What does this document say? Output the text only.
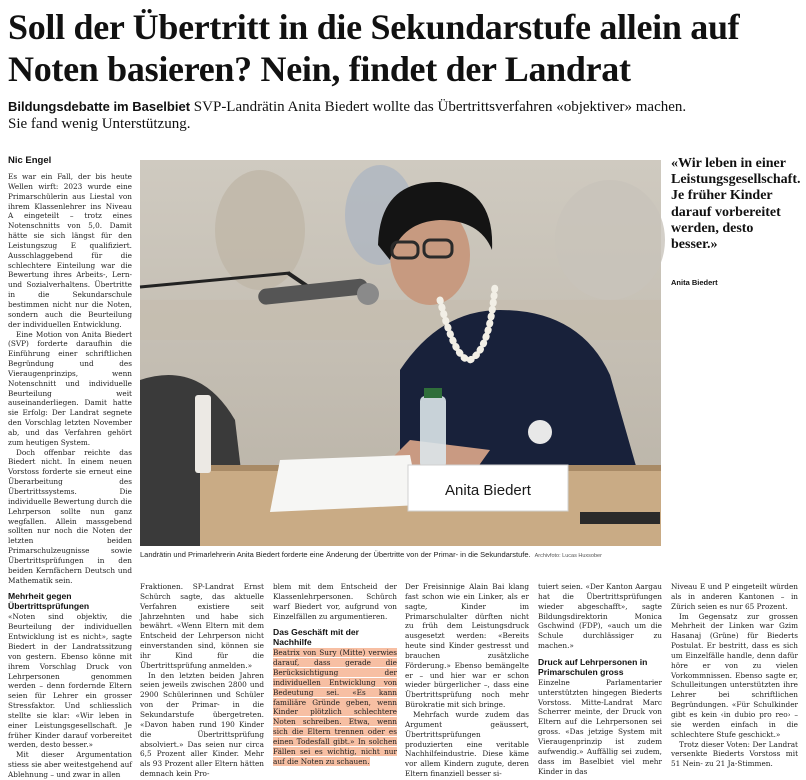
Soll der Übertritt in die Sekundarstufe allein auf Noten basieren? Nein, findet der Landrat
Bildungsdebatte im Baselbiet SVP-Landrätin Anita Biedert wollte das Übertrittsverfahren «objektiver» machen. Sie fand wenig Unterstützung.
Nic Engel

Es war ein Fall, der bis heute Wellen wirft: 2023 wurde eine Primarschülerin aus Liestal von ihrem Klassenlehrer ins Niveau A eingeteilt – trotz eines Notenschnitts von 5,0. Damit hätte sie sich längst für den Leistungszug E qualifiziert. Ausschlaggebend für die schlechtere Einteilung war die Bewertung ihres Arbeits-, Lern- und Sozialverhaltens. Übertritte in die Sekundarschule bestimmen nicht nur die Noten, sondern auch die Beurteilung der individuellen Entwicklung.

Eine Motion von Anita Biedert (SVP) forderte daraufhin die Einführung einer schriftlichen Begründung und des Vieraugenprinzips, wenn Notenschnitt und individuelle Beurteilung weit auseinanderliegen. Damit hatte sie Erfolg: Der Landrat segnete den Vorschlag letzten November ab, und das Verfahren gehört zum heutigen System.

Doch offenbar reichte das Biedert nicht. In einem neuen Vorstoss forderte sie erneut eine Überarbeitung des Übertrittssystems. Die individuelle Bewertung durch die Lehrperson sollte nun ganz wegfallen. Allein massgebend sollten nur noch die Noten der letzten beiden Primarschulzeugnisse sowie Übertrittsprüfungen in den beiden Kernfächern Deutsch und Mathematik sein.

Mehrheit gegen Übertrittsprüfungen

«Noten sind objektiv, die Beurteilung der individuellen Entwicklung ist es nicht», sagte Biedert in der Landratssitzung von gestern. Ebenso könne mit ihrem Vorschlag Druck von Lehrpersonen genommen werden – denn fordernde Eltern seien für Lehrer ein grosser Stressfaktor. Und schliesslich stellte sie klar: «Wir leben in einer Leistungsgesellschaft. Je früher Kinder darauf vorbereitet werden, desto besser.»

Mit dieser Argumentation stiess sie aber weitestgehend auf Ablehnung – und zwar in allen

Anita Biedert
Landrätin und Primarlehrerin Anita Biedert forderte eine Änderung der Übertritte von der Primar- in die Sekundarstufe. Archivfoto: Lucas Huxsober
«Wir leben in einer Leistungsgesellschaft. Je früher Kinder darauf vorbereitet werden, desto besser.»
Anita Biedert

Fraktionen. SP-Landrat Ernst Schürch sagte, das aktuelle Verfahren existiere seit Jahrzehnten und habe sich bewährt. «Wenn Eltern mit dem Entscheid der Lehrperson nicht einverstanden sind, können sie ihr Kind für die Übertrittsprüfung anmelden.»

In den letzten beiden Jahren seien jeweils zwischen 2800 und 2900 Schülerinnen und Schüler von der Primar- in die Sekundarstufe übergetreten. «Davon haben rund 190 Kinder die Übertrittsprüfung absolviert.» Das seien nur circa 6,5 Prozent aller Kinder. Mehr als 93 Prozent aller Eltern hätten demnach kein Pro-

blem mit dem Entscheid der Klassenlehrpersonen. Schürch warf Biedert vor, aufgrund von Einzelfällen zu argumentieren.

Das Geschäft mit der Nachhilfe

Beatrix von Sury (Mitte) verwies darauf, dass gerade die Berücksichtigung der individuellen Entwicklung von Bedeutung sei. «Es kann familiäre Gründe geben, wenn Kinder plötzlich schlechtere Noten schreiben. Etwa, wenn sich die Eltern trennen oder es einen Todesfall gibt.» In solchen Fällen sei es wichtig, nicht nur auf die Noten zu schauen.

Der Freisinnige Alain Bai klang fast schon wie ein Linker, als er sagte, Kinder im Primarschulalter dürften nicht zu früh dem Leistungsdruck ausgesetzt werden: «Bereits heute sind Kinder gestresst und brauchen zusätzliche Förderung.» Ebenso bemängelte er – und hier war er schon wieder bürgerlicher –, dass eine Übertrittsprüfung noch mehr Bürokratie mit sich bringe.

Mehrfach wurde zudem das Argument geäussert, Übertrittsprüfungen produzierten eine veritable Nachhilfeindustrie. Diese käme vor allem Kindern zugute, deren Eltern finanziell besser si-

tuiert seien. «Der Kanton Aargau hat die Übertrittsprüfungen wieder abgeschafft», sagte Bildungsdirektorin Monica Gschwind (FDP), «auch um die Schule durchlässiger zu machen.»

Druck auf Lehrpersonen in Primarschulen gross

Einzelne Parlamentarier unterstützten hingegen Biederts Vorstoss. Mitte-Landrat Marc Scherrer meinte, der Druck von Eltern auf die Lehrpersonen sei gross. «Das jetzige System mit Vieraugenprinzip ist zudem aufwendig.» Auffällig sei zudem, dass im Baselbiet viel mehr Kinder in das

Niveau E und P eingeteilt würden als in anderen Kantonen – in Zürich seien es nur 65 Prozent.

Im Gegensatz zur grossen Mehrheit der Linken war Gzim Hasanaj (Grüne) für Biederts Postulat. Er bestritt, dass es sich um Einzelfälle handle, denn dafür höre er von zu vielen Vorkommnissen. Ebenso sagte er, Schulleitungen unterstützten ihre Lehrer bei schriftlichen Begründungen. «Für Schulkinder gibt es kein ‹in dubio pro reo› – sie werden einfach in die schlechtere Stufe geschickt.»

Trotz dieser Voten: Der Landrat versenkte Biederts Vorstoss mit 51 Nein- zu 21 Ja-Stimmen.
